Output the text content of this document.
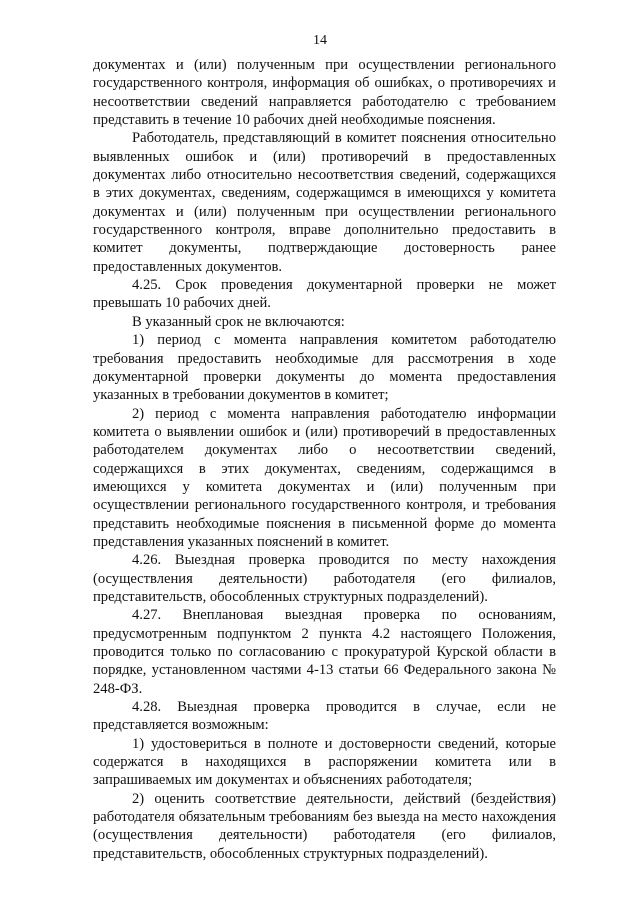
14

документах и (или) полученным при осуществлении регионального государственного контроля, информация об ошибках, о противоречиях и несоответствии сведений направляется работодателю с требованием представить в течение 10 рабочих дней необходимые пояснения.

Работодатель, представляющий в комитет пояснения относительно выявленных ошибок и (или) противоречий в предоставленных документах либо относительно несоответствия сведений, содержащихся в этих документах, сведениям, содержащимся в имеющихся у комитета документах и (или) полученным при осуществлении регионального государственного контроля, вправе дополнительно предоставить в комитет документы, подтверждающие достоверность ранее предоставленных документов.

4.25. Срок проведения документарной проверки не может превышать 10 рабочих дней.

В указанный срок не включаются:

1) период с момента направления комитетом работодателю требования предоставить необходимые для рассмотрения в ходе документарной проверки документы до момента предоставления указанных в требовании документов в комитет;

2) период с момента направления работодателю информации комитета о выявлении ошибок и (или) противоречий в предоставленных работодателем документах либо о несоответствии сведений, содержащихся в этих документах, сведениям, содержащимся в имеющихся у комитета документах и (или) полученным при осуществлении регионального государственного контроля, и требования представить необходимые пояснения в письменной форме до момента представления указанных пояснений в комитет.

4.26. Выездная проверка проводится по месту нахождения (осуществления деятельности) работодателя (его филиалов, представительств, обособленных структурных подразделений).

4.27. Внеплановая выездная проверка по основаниям, предусмотренным подпунктом 2 пункта 4.2 настоящего Положения, проводится только по согласованию с прокуратурой Курской области в порядке, установленном частями 4-13 статьи 66 Федерального закона № 248-ФЗ.

4.28. Выездная проверка проводится в случае, если не представляется возможным:

1) удостовериться в полноте и достоверности сведений, которые содержатся в находящихся в распоряжении комитета или в запрашиваемых им документах и объяснениях работодателя;

2) оценить соответствие деятельности, действий (бездействия) работодателя обязательным требованиям без выезда на место нахождения (осуществления деятельности) работодателя (его филиалов, представительств, обособленных структурных подразделений).
